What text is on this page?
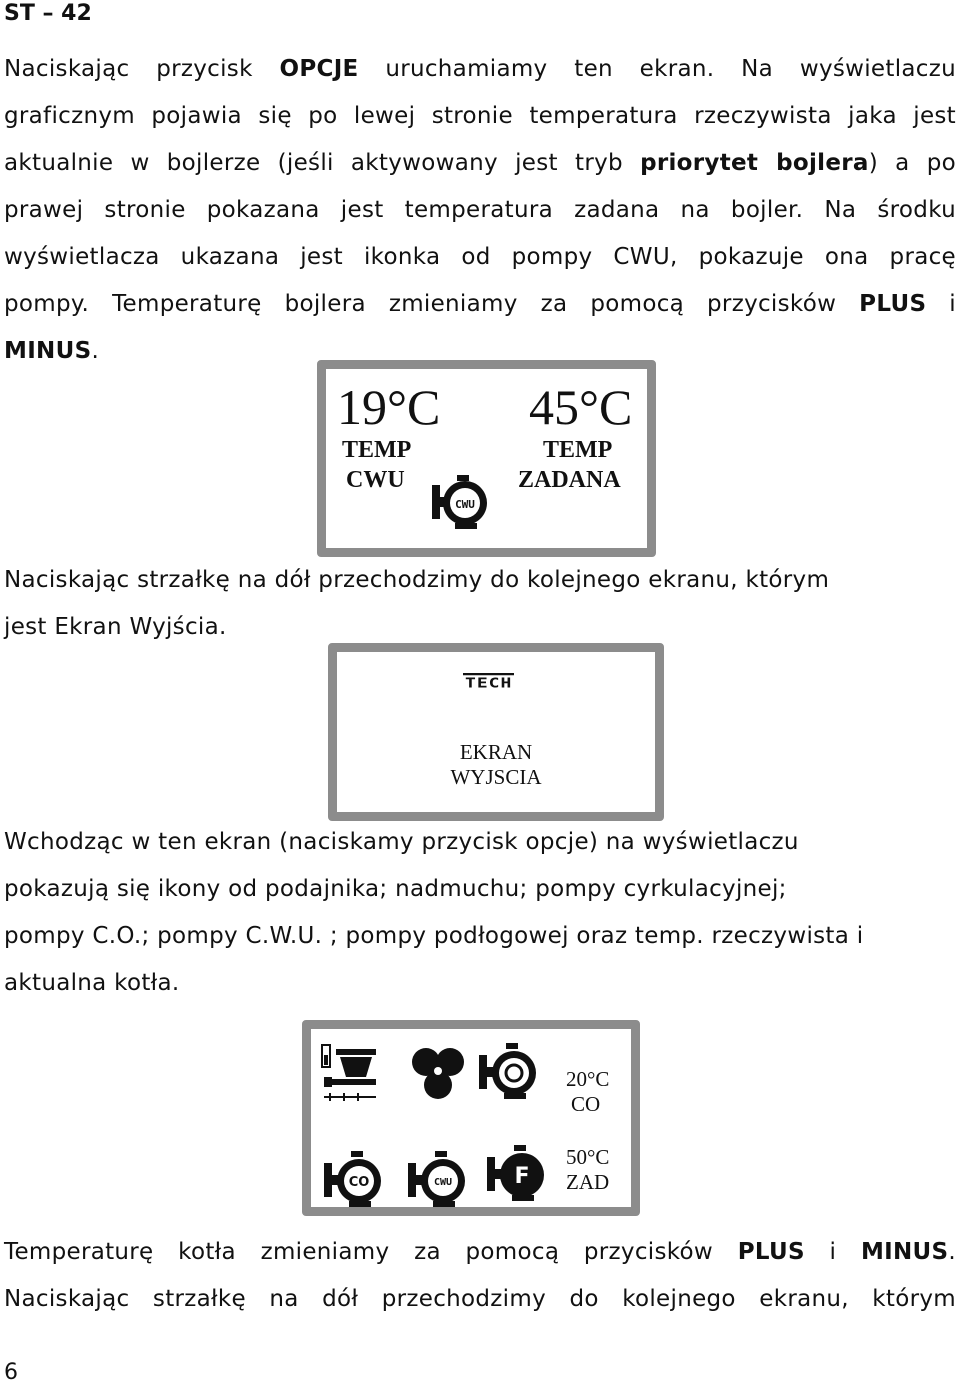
ST – 42

Naciskając przycisk OPCJE uruchamiamy ten ekran. Na wyświetlaczu
graficznym pojawia się po lewej stronie temperatura rzeczywista jaka jest
aktualnie w bojlerze (jeśli aktywowany jest tryb priorytet bojlera) a po
prawej stronie pokazana jest temperatura zadana na bojler. Na środku
wyświetlacza ukazana jest ikonka od pompy CWU, pokazuje ona pracę
pompy. Temperaturę bojlera zmieniamy za pomocą przycisków PLUS i
MINUS.

19°C 45°C
TEMP
CWU
TEMP
ZADANA
CWU

Naciskając strzałkę na dół przechodzimy do kolejnego ekranu, którym
jest Ekran Wyjścia.

TECH
EKRAN
WYJSCIA

Wchodząc w ten ekran (naciskamy przycisk opcje) na wyświetlaczu
pokazują się ikony od podajnika; nadmuchu; pompy cyrkulacyjnej;
pompy C.O.; pompy C.W.U. ; pompy podłogowej oraz temp. rzeczywista i
aktualna kotła.

CO	CWU	F
20°C
CO
50°C
ZAD

Temperaturę kotła zmieniamy za pomocą przycisków PLUS i MINUS.
Naciskając strzałkę na dół przechodzimy do kolejnego ekranu, którym

6
